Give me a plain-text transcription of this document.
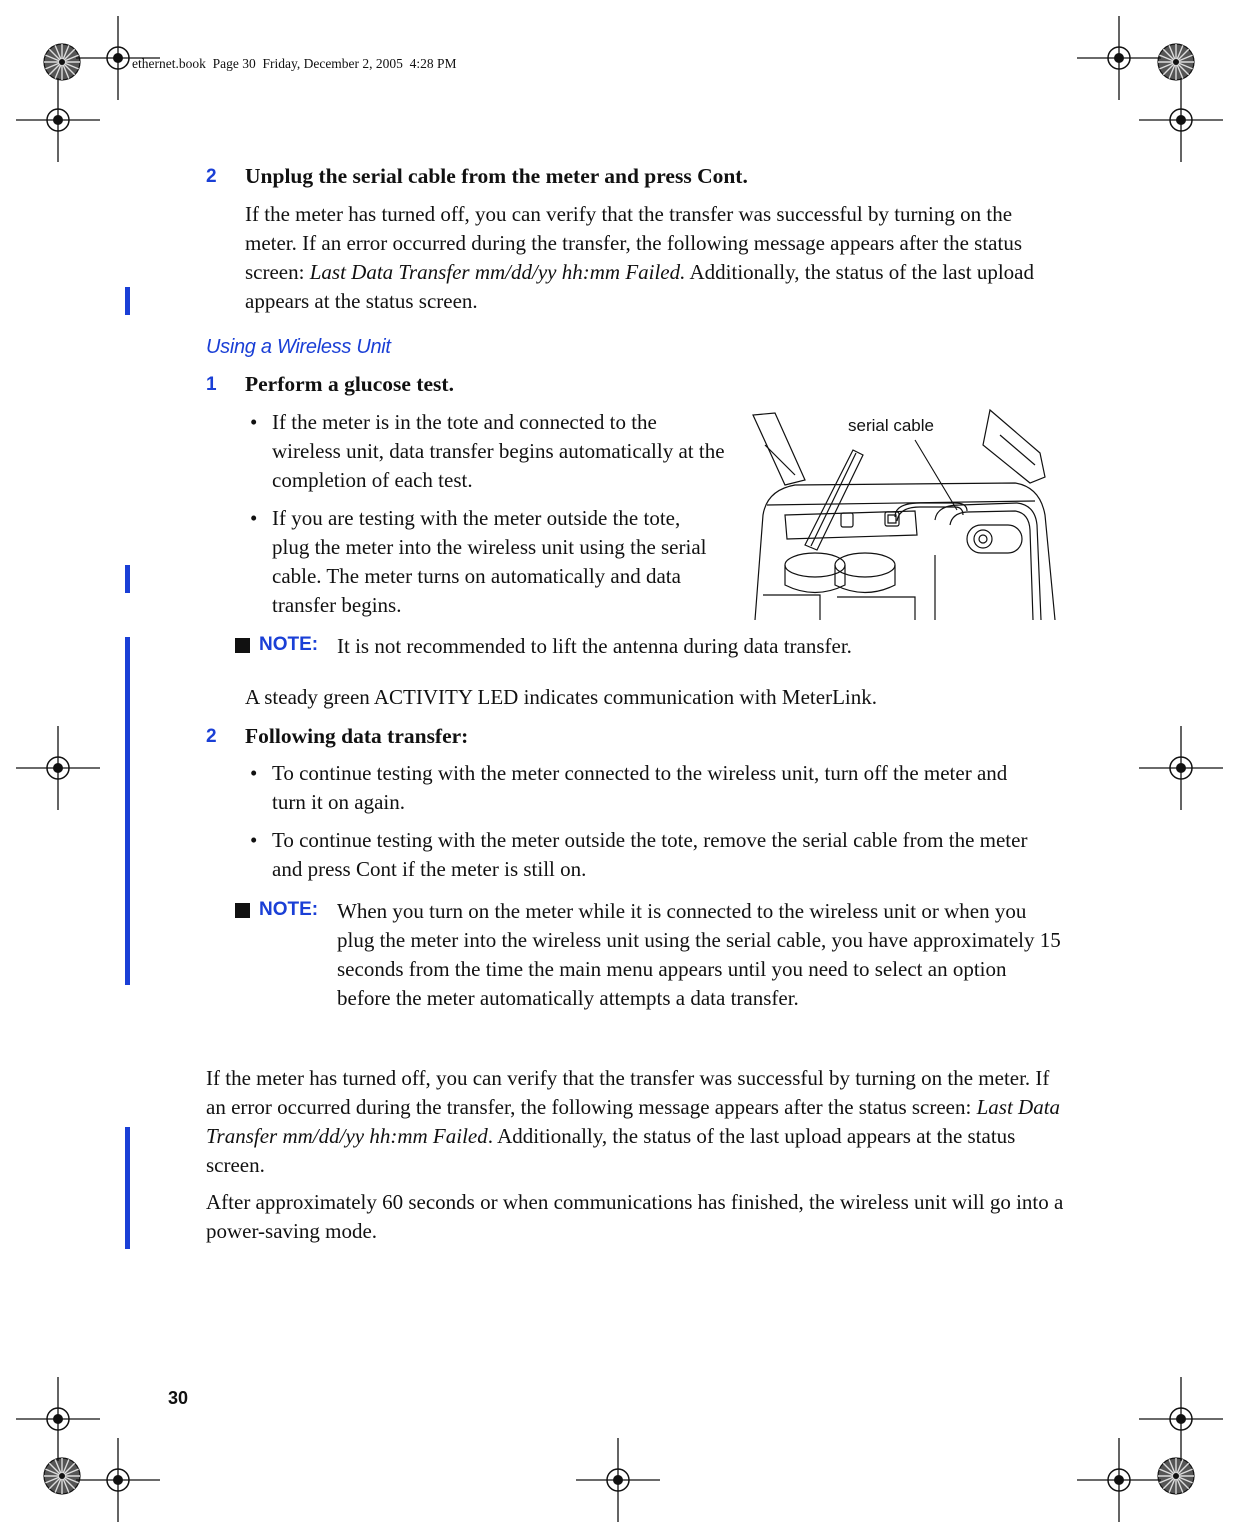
ethernet.book  Page 30  Friday, December 2, 2005  4:28 PM
2 Unplug the serial cable from the meter and press Cont.
If the meter has turned off, you can verify that the transfer was successful by turning on the meter. If an error occurred during the transfer, the following message appears after the status screen: Last Data Transfer mm/dd/yy hh:mm Failed. Additionally, the status of the last upload appears at the status screen.
Using a Wireless Unit
1 Perform a glucose test.
• If the meter is in the tote and connected to the wireless unit, data transfer begins automatically at the completion of each test.
• If you are testing with the meter outside the tote, plug the meter into the wireless unit using the serial cable. The meter turns on automatically and data transfer begins.
serial cable
NOTE: It is not recommended to lift the antenna during data transfer.
A steady green ACTIVITY LED indicates communication with MeterLink.
2 Following data transfer:
• To continue testing with the meter connected to the wireless unit, turn off the meter and turn it on again.
• To continue testing with the meter outside the tote, remove the serial cable from the meter and press Cont if the meter is still on.
NOTE: When you turn on the meter while it is connected to the wireless unit or when you plug the meter into the wireless unit using the serial cable, you have approximately 15 seconds from the time the main menu appears until you need to select an option before the meter automatically attempts a data transfer.
If the meter has turned off, you can verify that the transfer was successful by turning on the meter. If an error occurred during the transfer, the following message appears after the status screen: Last Data Transfer mm/dd/yy hh:mm Failed. Additionally, the status of the last upload appears at the status screen.
After approximately 60 seconds or when communications has finished, the wireless unit will go into a power-saving mode.
30
